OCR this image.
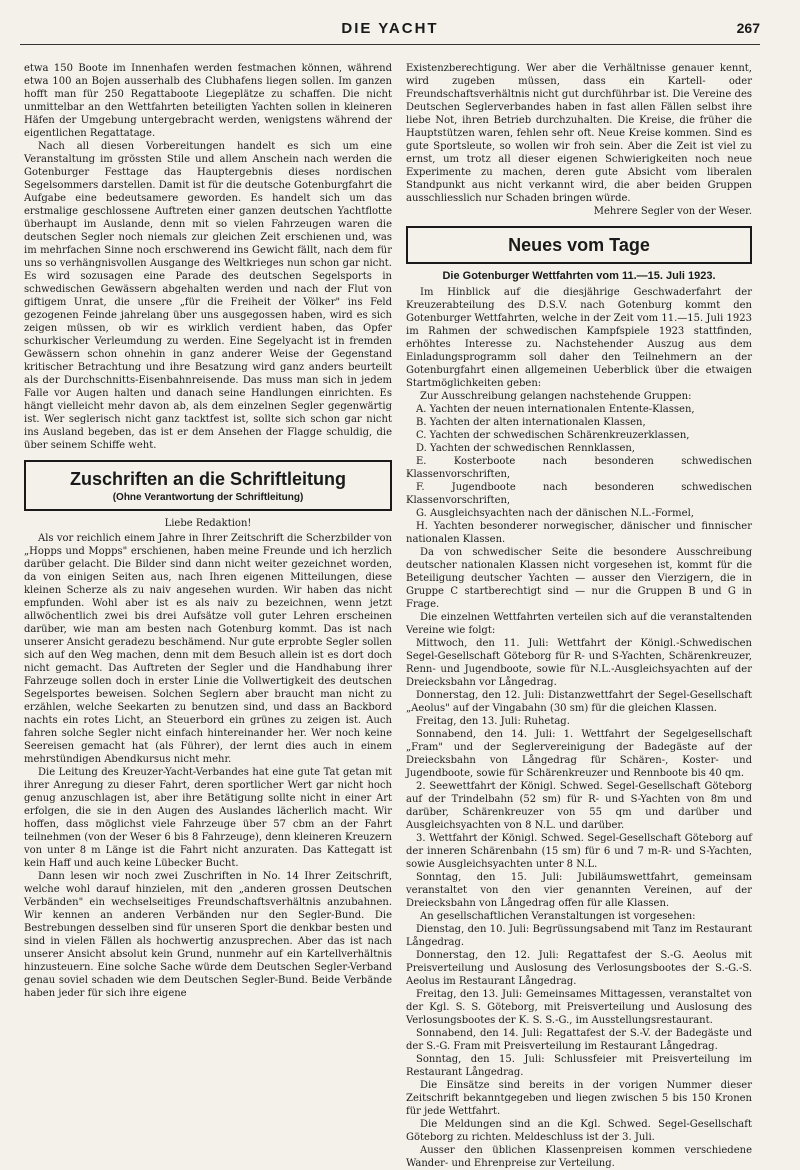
DIE YACHT	267

etwa 150 Boote im Innenhafen werden festmachen können, während etwa 100 an Bojen ausserhalb des Clubhafens liegen sollen. Im ganzen hofft man für 250 Regattaboote Liegeplätze zu schaffen. Die nicht unmittelbar an den Wettfahrten beteiligten Yachten sollen in kleineren Häfen der Umgebung untergebracht werden, wenigstens während der eigentlichen Regattatage.

Nach all diesen Vorbereitungen handelt es sich um eine Veranstaltung im grössten Stile und allem Anschein nach werden die Gotenburger Festtage das Hauptergebnis dieses nordischen Segelsommers darstellen. Damit ist für die deutsche Gotenburgfahrt die Aufgabe eine bedeutsamere geworden. Es handelt sich um das erstmalige geschlossene Auftreten einer ganzen deutschen Yachtflotte überhaupt im Auslande, denn mit so vielen Fahrzeugen waren die deutschen Segler noch niemals zur gleichen Zeit erschienen und, was im mehrfachen Sinne noch erschwerend ins Gewicht fällt, nach dem für uns so verhängnisvollen Ausgange des Weltkrieges nun schon gar nicht. Es wird sozusagen eine Parade des deutschen Segelsports in schwedischen Gewässern abgehalten werden und nach der Flut von giftigem Unrat, die unsere „für die Freiheit der Völker" ins Feld gezogenen Feinde jahrelang über uns ausgegossen haben, wird es sich zeigen müssen, ob wir es wirklich verdient haben, das Opfer schurkischer Verleumdung zu werden. Eine Segelyacht ist in fremden Gewässern schon ohnehin in ganz anderer Weise der Gegenstand kritischer Betrachtung und ihre Besatzung wird ganz anders beurteilt als der Durchschnitts-Eisenbahnreisende. Das muss man sich in jedem Falle vor Augen halten und danach seine Handlungen einrichten. Es hängt vielleicht mehr davon ab, als dem einzelnen Segler gegenwärtig ist. Wer seglerisch nicht ganz tacktfest ist, sollte sich schon gar nicht ins Ausland begeben, das ist er dem Ansehen der Flagge schuldig, die über seinem Schiffe weht.

Zuschriften an die Schriftleitung
(Ohne Verantwortung der Schriftleitung)
Liebe Redaktion!

Als vor reichlich einem Jahre in Ihrer Zeitschrift die Scherzbilder von „Hopps und Mopps" erschienen, haben meine Freunde und ich herzlich darüber gelacht. Die Bilder sind dann nicht weiter gezeichnet worden, da von einigen Seiten aus, nach Ihren eigenen Mitteilungen, diese kleinen Scherze als zu naiv angesehen wurden. Wir haben das nicht empfunden. Wohl aber ist es als naiv zu bezeichnen, wenn jetzt allwöchentlich zwei bis drei Aufsätze voll guter Lehren erscheinen darüber, wie man am besten nach Gotenburg kommt. Das ist nach unserer Ansicht geradezu beschämend. Nur gute erprobte Segler sollen sich auf den Weg machen, denn mit dem Besuch allein ist es dort doch nicht gemacht. Das Auftreten der Segler und die Handhabung ihrer Fahrzeuge sollen doch in erster Linie die Vollwertigkeit des deutschen Segelsportes beweisen. Solchen Seglern aber braucht man nicht zu erzählen, welche Seekarten zu benutzen sind, und dass an Backbord nachts ein rotes Licht, an Steuerbord ein grünes zu zeigen ist. Auch fahren solche Segler nicht einfach hintereinander her. Wer noch keine Seereisen gemacht hat (als Führer), der lernt dies auch in einem mehrstündigen Abendkursus nicht mehr.

Die Leitung des Kreuzer-Yacht-Verbandes hat eine gute Tat getan mit ihrer Anregung zu dieser Fahrt, deren sportlicher Wert gar nicht hoch genug anzuschlagen ist, aber ihre Betätigung sollte nicht in einer Art erfolgen, die sie in den Augen des Auslandes lächerlich macht. Wir hoffen, dass möglichst viele Fahrzeuge über 57 cbm an der Fahrt teilnehmen (von der Weser 6 bis 8 Fahrzeuge), denn kleineren Kreuzern von unter 8 m Länge ist die Fahrt nicht anzuraten. Das Kattegatt ist kein Haff und auch keine Lübecker Bucht.

Dann lesen wir noch zwei Zuschriften in No. 14 Ihrer Zeitschrift, welche wohl darauf hinzielen, mit den „anderen grossen Deutschen Verbänden" ein wechselseitiges Freundschaftsverhältnis anzubahnen. Wir kennen an anderen Verbänden nur den Segler-Bund. Die Bestrebungen desselben sind für unseren Sport die denkbar besten und sind in vielen Fällen als hochwertig anzusprechen. Aber das ist nach unserer Ansicht absolut kein Grund, nunmehr auf ein Kartellverhältnis hinzusteuern. Eine solche Sache würde dem Deutschen Segler-Verband genau soviel schaden wie dem Deutschen Segler-Bund. Beide Verbände haben jeder für sich ihre eigene

Existenzberechtigung. Wer aber die Verhältnisse genauer kennt, wird zugeben müssen, dass ein Kartell- oder Freundschaftsverhältnis nicht gut durchführbar ist. Die Vereine des Deutschen Seglerverbandes haben in fast allen Fällen selbst ihre liebe Not, ihren Betrieb durchzuhalten. Die Kreise, die früher die Hauptstützen waren, fehlen sehr oft. Neue Kreise kommen. Sind es gute Sportsleute, so wollen wir froh sein. Aber die Zeit ist viel zu ernst, um trotz all dieser eigenen Schwierigkeiten noch neue Experimente zu machen, deren gute Absicht vom liberalen Standpunkt aus nicht verkannt wird, die aber beiden Gruppen ausschliesslich nur Schaden bringen würde.

Mehrere Segler von der Weser.

Neues vom Tage
Die Gotenburger Wettfahrten vom 11.—15. Juli 1923.

Im Hinblick auf die diesjährige Geschwaderfahrt der Kreuzerabteilung des D.S.V. nach Gotenburg kommt den Gotenburger Wettfahrten, welche in der Zeit vom 11.—15. Juli 1923 im Rahmen der schwedischen Kampfspiele 1923 stattfinden, erhöhtes Interesse zu. Nachstehender Auszug aus dem Einladungsprogramm soll daher den Teilnehmern an der Gotenburgfahrt einen allgemeinen Ueberblick über die etwaigen Startmöglichkeiten geben:

Zur Ausschreibung gelangen nachstehende Gruppen:

A. Yachten der neuen internationalen Entente-Klassen,

B. Yachten der alten internationalen Klassen,

C. Yachten der schwedischen Schärenkreuzerklassen,

D. Yachten der schwedischen Rennklassen,

E. Kosterboote nach besonderen schwedischen Klassenvorschriften,

F. Jugendboote nach besonderen schwedischen Klassenvorschriften,

G. Ausgleichsyachten nach der dänischen N.L.-Formel,

H. Yachten besonderer norwegischer, dänischer und finnischer nationalen Klassen.

Da von schwedischer Seite die besondere Ausschreibung deutscher nationalen Klassen nicht vorgesehen ist, kommt für die Beteiligung deutscher Yachten — ausser den Vierzigern, die in Gruppe C startberechtigt sind — nur die Gruppen B und G in Frage.

Die einzelnen Wettfahrten verteilen sich auf die veranstaltenden Vereine wie folgt:

Mittwoch, den 11. Juli: Wettfahrt der Königl.-Schwedischen Segel-Gesellschaft Göteborg für R- und S-Yachten, Schärenkreuzer, Renn- und Jugendboote, sowie für N.L.-Ausgleichsyachten auf der Dreiecksbahn vor Långedrag.

Donnerstag, den 12. Juli: Distanzwettfahrt der Segel-Gesellschaft „Aeolus" auf der Vingabahn (30 sm) für die gleichen Klassen.

Freitag, den 13. Juli: Ruhetag.

Sonnabend, den 14. Juli: 1. Wettfahrt der Segelgesellschaft „Fram" und der Seglervereinigung der Badegäste auf der Dreiecksbahn von Långedrag für Schären-, Koster- und Jugendboote, sowie für Schärenkreuzer und Rennboote bis 40 qm.

2. Seewettfahrt der Königl. Schwed. Segel-Gesellschaft Göteborg auf der Trindelbahn (52 sm) für R- und S-Yachten von 8m und darüber, Schärenkreuzer von 55 qm und darüber und Ausgleichsyachten von 8 N.L. und darüber.

3. Wettfahrt der Königl. Schwed. Segel-Gesellschaft Göteborg auf der inneren Schärenbahn (15 sm) für 6 und 7 m-R- und S-Yachten, sowie Ausgleichsyachten unter 8 N.L.

Sonntag, den 15. Juli: Jubiläumswettfahrt, gemeinsam veranstaltet von den vier genannten Vereinen, auf der Dreiecksbahn von Långedrag offen für alle Klassen.

An gesellschaftlichen Veranstaltungen ist vorgesehen:

Dienstag, den 10. Juli: Begrüssungsabend mit Tanz im Restaurant Långedrag.

Donnerstag, den 12. Juli: Regattafest der S.-G. Aeolus mit Preisverteilung und Auslosung des Verlosungsbootes der S.-G.-S. Aeolus im Restaurant Långedrag.

Freitag, den 13. Juli: Gemeinsames Mittagessen, veranstaltet von der Kgl. S. S. Göteborg, mit Preisverteilung und Auslosung des Verlosungsbootes der K. S. S.-G., im Ausstellungsrestaurant.

Sonnabend, den 14. Juli: Regattafest der S.-V. der Badegäste und der S.-G. Fram mit Preisverteilung im Restaurant Långedrag.

Sonntag, den 15. Juli: Schlussfeier mit Preisverteilung im Restaurant Långedrag.

Die Einsätze sind bereits in der vorigen Nummer dieser Zeitschrift bekanntgegeben und liegen zwischen 5 bis 150 Kronen für jede Wettfahrt.

Die Meldungen sind an die Kgl. Schwed. Segel-Gesellschaft Göteborg zu richten. Meldeschluss ist der 3. Juli.

Ausser den üblichen Klassenpreisen kommen verschiedene Wander- und Ehrenpreise zur Verteilung.
